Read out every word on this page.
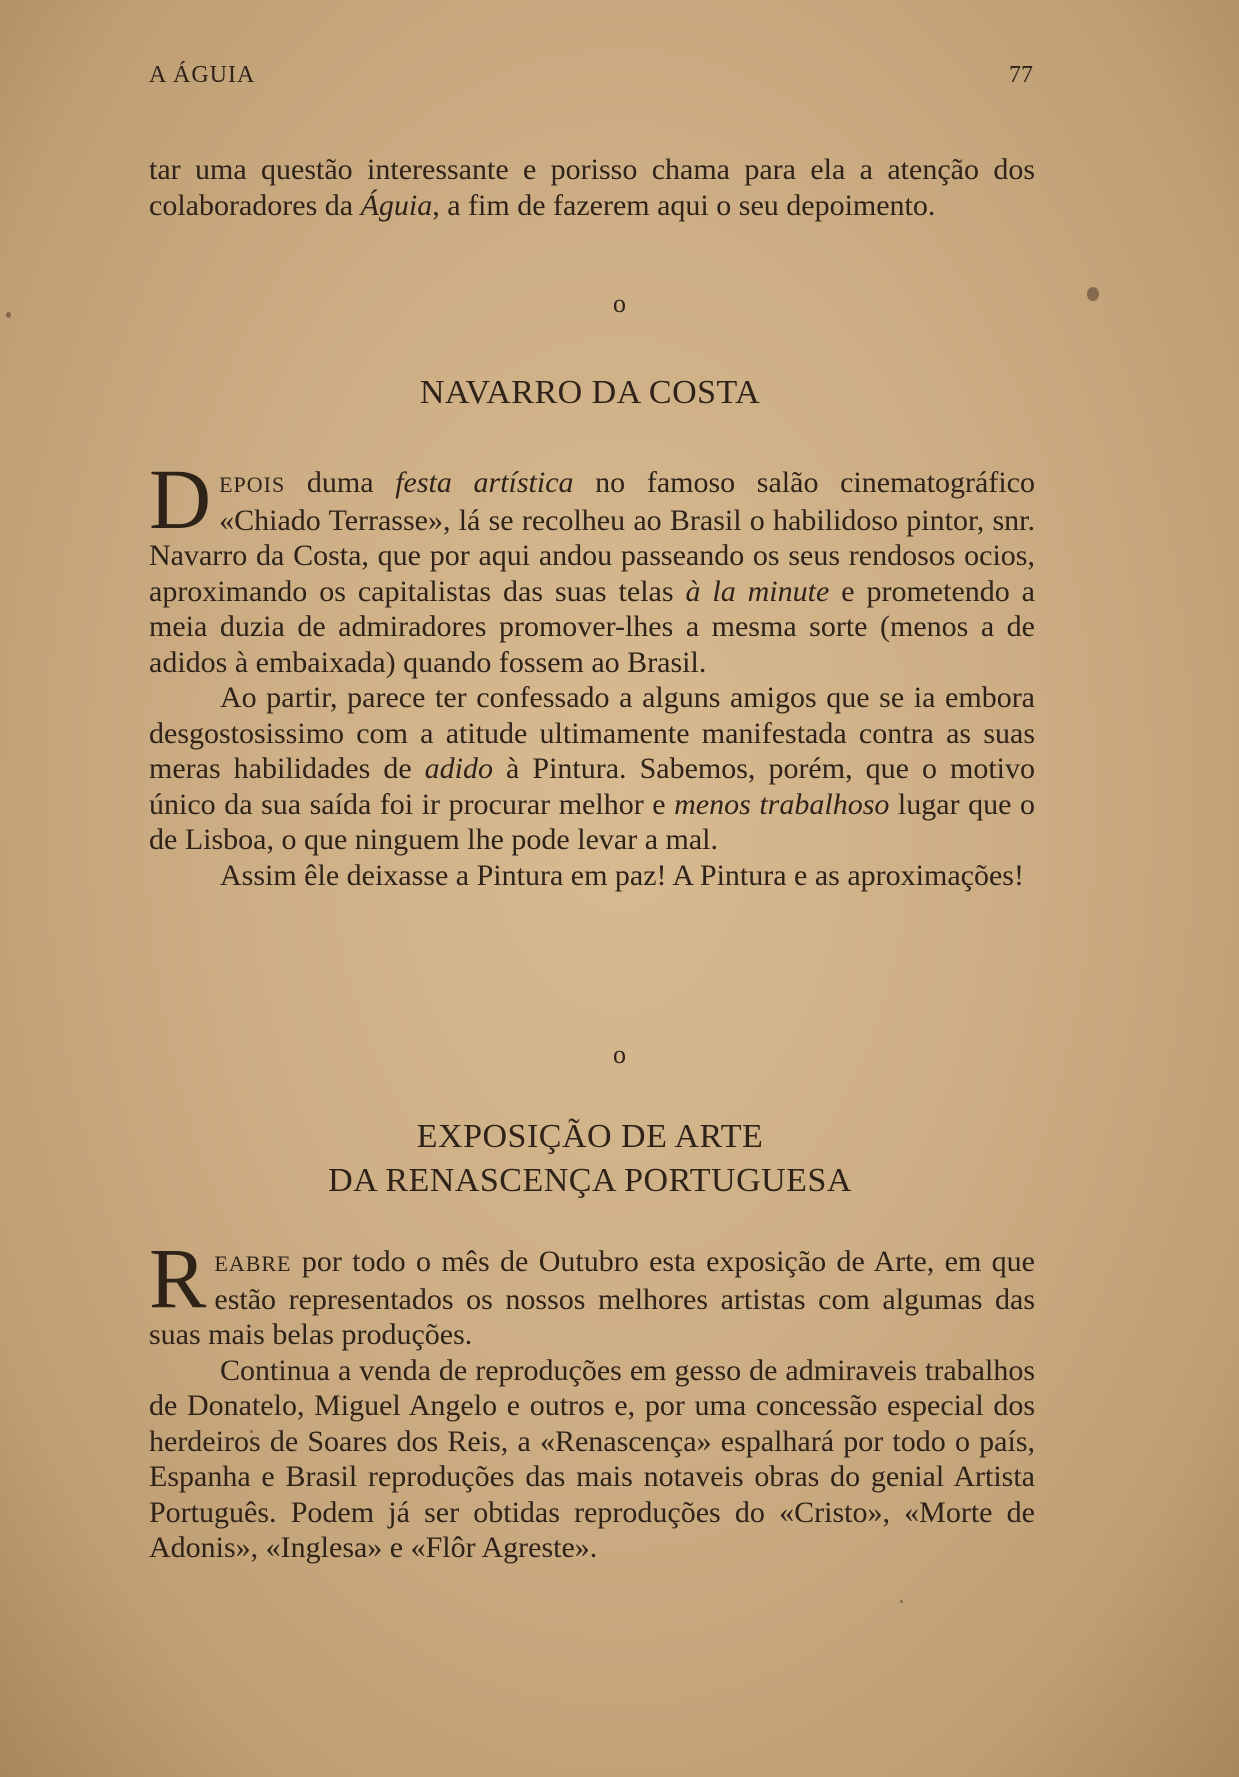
A ÁGUIA	77

tar uma questão interessante e porisso chama para ela a atenção dos colaboradores da Águia, a fim de fazerem aqui o seu depoimento.

o
NAVARRO DA COSTA

DEPOIS duma festa artística no famoso salão cinematográfico «Chiado Terrasse», lá se recolheu ao Brasil o habilidoso pintor, snr. Navarro da Costa, que por aqui andou passeando os seus rendosos ocios, aproximando os capitalistas das suas telas à la minute e prometendo a meia duzia de admiradores promover-lhes a mesma sorte (menos a de adidos à embaixada) quando fossem ao Brasil.

Ao partir, parece ter confessado a alguns amigos que se ia embora desgostosissimo com a atitude ultimamente manifestada contra as suas meras habilidades de adido à Pintura. Sabemos, porém, que o motivo único da sua saída foi ir procurar melhor e menos trabalhoso lugar que o de Lisboa, o que ninguem lhe pode levar a mal.

Assim êle deixasse a Pintura em paz! A Pintura e as aproximações!

o
EXPOSIÇÃO DE ARTE
DA RENASCENÇA PORTUGUESA

REABRE por todo o mês de Outubro esta exposição de Arte, em que estão representados os nossos melhores artistas com algumas das suas mais belas produções.

Continua a venda de reproduções em gesso de admiraveis trabalhos de Donatelo, Miguel Angelo e outros e, por uma concessão especial dos herdeiros de Soares dos Reis, a «Renascença» espalhará por todo o país, Espanha e Brasil reproduções das mais notaveis obras do genial Artista Português. Podem já ser obtidas reproduções do «Cristo», «Morte de Adonis», «Inglesa» e «Flôr Agreste».
